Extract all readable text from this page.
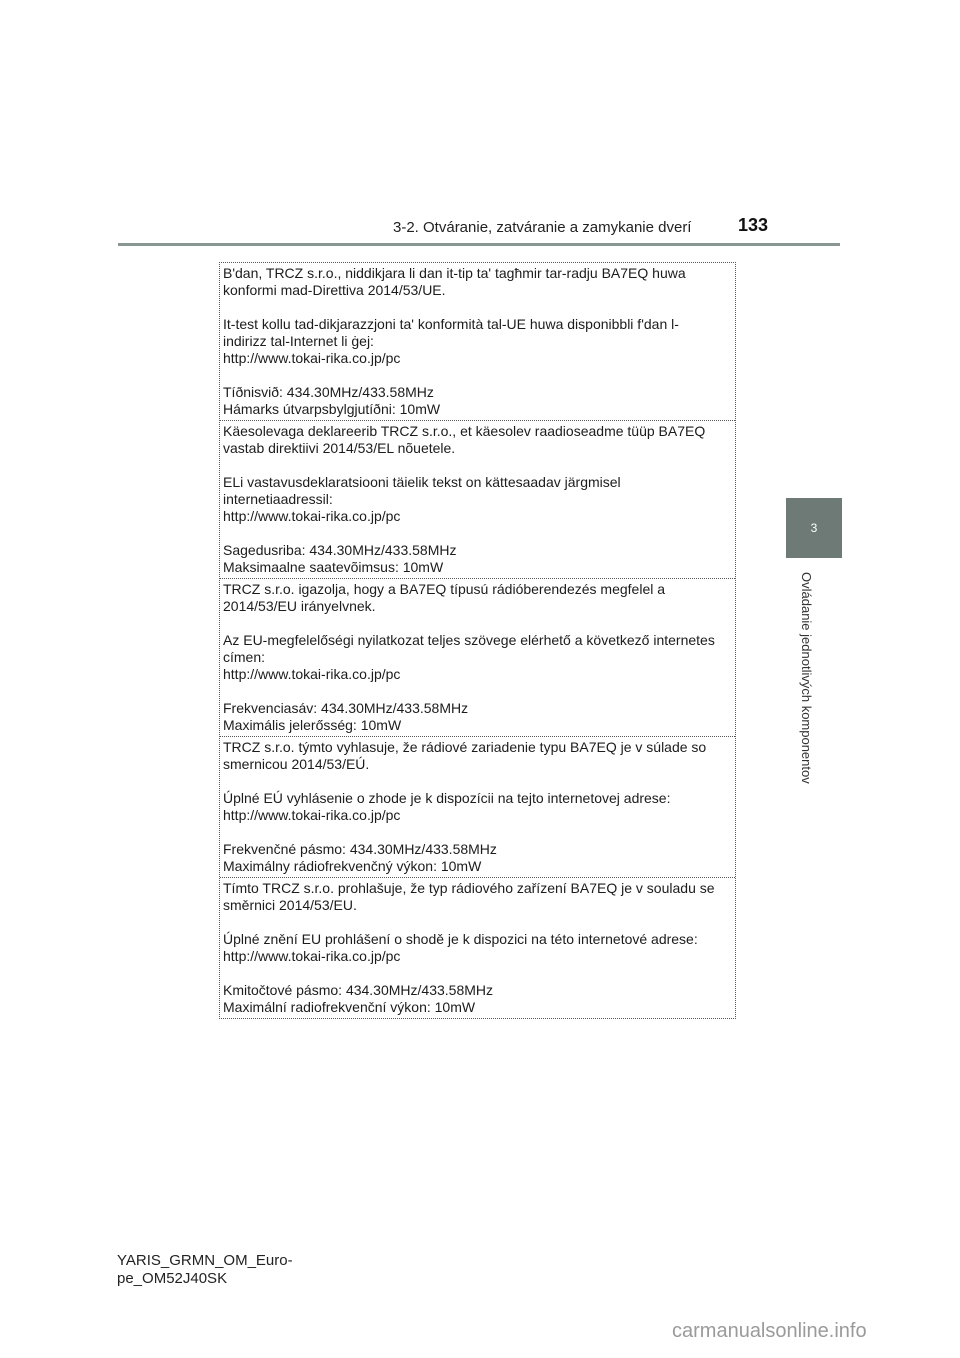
3-2. Otváranie, zatváranie a zamykanie dverí	133
3
Ovládanie jednotlivých komponentov
B'dan, TRCZ s.r.o., niddikjara li dan it-tip ta' tagħmir tar-radju BA7EQ huwa
konformi mad-Direttiva 2014/53/UE.
It-test kollu tad-dikjarazzjoni ta' konformità tal-UE huwa disponibbli f'dan l-
indirizz tal-Internet li ġej:
http://www.tokai-rika.co.jp/pc
Tíðnisvið: 434.30MHz/433.58MHz
Hámarks útvarpsbylgjutíðni: 10mW
Käesolevaga deklareerib TRCZ s.r.o., et käesolev raadioseadme tüüp BA7EQ
vastab direktiivi 2014/53/EL nõuetele.
ELi vastavusdeklaratsiooni täielik tekst on kättesaadav järgmisel
internetiaadressil:
http://www.tokai-rika.co.jp/pc
Sagedusriba: 434.30MHz/433.58MHz
Maksimaalne saatevõimsus: 10mW
TRCZ s.r.o. igazolja, hogy a BA7EQ típusú rádióberendezés megfelel a
2014/53/EU irányelvnek.
Az EU-megfelelőségi nyilatkozat teljes szövege elérhető a következő internetes
címen:
http://www.tokai-rika.co.jp/pc
Frekvenciasáv: 434.30MHz/433.58MHz
Maximális jelerősség: 10mW
TRCZ s.r.o. týmto vyhlasuje, že rádiové zariadenie typu BA7EQ je v súlade so
smernicou 2014/53/EÚ.
Úplné EÚ vyhlásenie o zhode je k dispozícii na tejto internetovej adrese:
http://www.tokai-rika.co.jp/pc
Frekvenčné pásmo: 434.30MHz/433.58MHz
Maximálny rádiofrekvenčný výkon: 10mW
Tímto TRCZ s.r.o. prohlašuje, že typ rádiového zařízení BA7EQ je v souladu se
směrnici 2014/53/EU.
Úplné znění EU prohlášení o shodě je k dispozici na této internetové adrese:
http://www.tokai-rika.co.jp/pc
Kmitočtové pásmo: 434.30MHz/433.58MHz
Maximální radiofrekvenční výkon: 10mW
YARIS_GRMN_OM_Euro-
pe_OM52J40SK
carmanualsonline.info
